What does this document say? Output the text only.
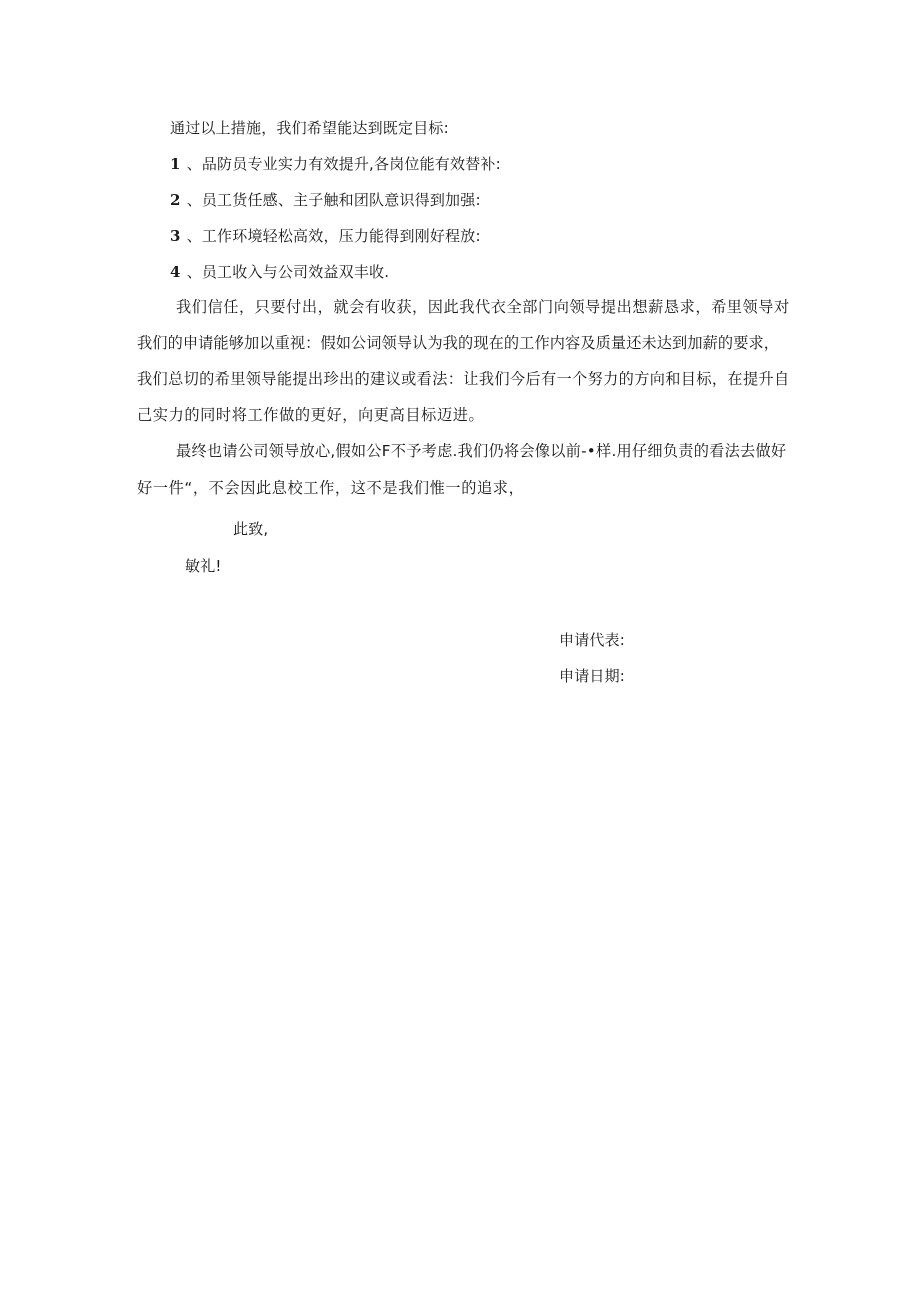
通过以上措施，我们希望能达到既定目标:
1 、品防员专业实力有效提升,各岗位能有效替补:
2 、员工货任感、主子触和团队意识得到加强:
3 、工作环境轻松高效，压力能得到刚好程放:
4 、员工收入与公司效益双丰收.
我们信任，只要付出，就会有收获，因此我代衣全部门向领导提出想薪恳求，希里领导对
我们的申请能够加以重视：假如公词领导认为我的现在的工作内容及质量还未达到加薪的要求，
我们总切的希里领导能提出珍出的建议或看法：让我们今后有一个努力的方向和目标，在提升自
己实力的同时将工作做的更好，向更高目标迈进。
最终也请公司领导放心,假如公F不予考虑.我们仍将会像以前-•样.用仔细负责的看法去做好
好一件“，不会因此息校工作，这不是我们惟一的追求，
此致,
敏礼!
申请代表:
申请日期:
